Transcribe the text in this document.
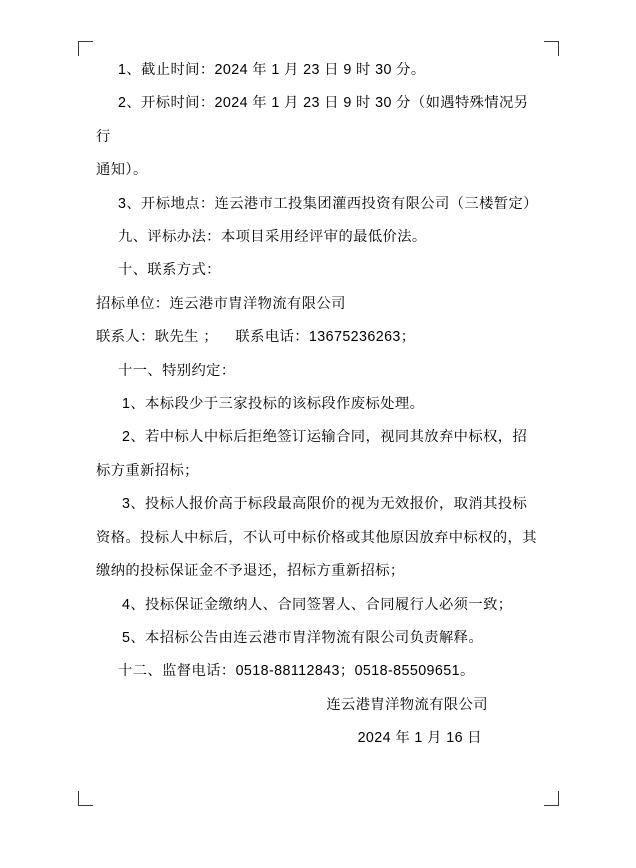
1、截止时间：2024 年 1 月 23 日 9 时 30 分。
2、开标时间：2024 年 1 月 23 日 9 时 30 分（如遇特殊情况另行
通知）。
3、开标地点：连云港市工投集团灌西投资有限公司（三楼暂定）
九、评标办法：本项目采用经评审的最低价法。
十、联系方式：
招标单位：连云港市胄洋物流有限公司
联系人：耿先生 ；    联系电话：13675236263；
十一、特别约定：
1、本标段少于三家投标的该标段作废标处理。
2、若中标人中标后拒绝签订运输合同，视同其放弃中标权，招
标方重新招标；
3、投标人报价高于标段最高限价的视为无效报价，取消其投标
资格。投标人中标后，不认可中标价格或其他原因放弃中标权的，其
缴纳的投标保证金不予退还，招标方重新招标；
4、投标保证金缴纳人、合同签署人、合同履行人必须一致；
5、本招标公告由连云港市胄洋物流有限公司负责解释。
十二、监督电话：0518-88112843；0518-85509651。
连云港胄洋物流有限公司
2024 年 1 月 16 日
